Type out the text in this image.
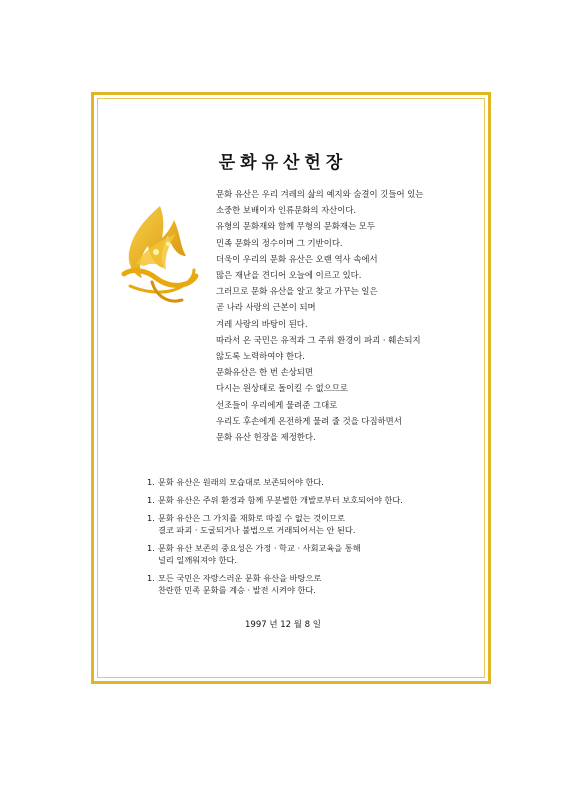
문화유산헌장
문화 유산은 우리 겨레의 삶의 예지와 숨결이 깃들어 있는
소중한 보배이자 인류문화의 자산이다.
유형의 문화재와 함께 무형의 문화재는 모두
민족 문화의 정수이며 그 기반이다.
더욱이 우리의 문화 유산은 오랜 역사 속에서
많은 재난을 견디어 오늘에 이르고 있다.
그러므로 문화 유산을 알고 찾고 가꾸는 일은
곧 나라 사랑의 근본이 되며
겨레 사랑의 바탕이 된다.
따라서 온 국민은 유적과 그 주위 환경이 파괴 · 훼손되지
않도록 노력하여야 한다.
문화유산은 한 번 손상되면
다시는 원상태로 돌이킬 수 없으므로
선조들이 우리에게 물려준 그대로
우리도 후손에게 온전하게 물려 줄 것을 다짐하면서
문화 유산 헌장을 제정한다.
1. 문화 유산은 원래의 모습대로 보존되어야 한다.
1. 문화 유산은 주위 환경과 함께 무분별한 개발로부터 보호되어야 한다.
1. 문화 유산은 그 가치를 재화로 따질 수 없는 것이므로
결코 파괴 · 도굴되거나 불법으로 거래되어서는 안 된다.
1. 문화 유산 보존의 중요성은 가정 · 학교 · 사회교육을 통해
널리 일깨워져야 한다.
1. 모든 국민은 자랑스러운 문화 유산을 바탕으로
찬란한 민족 문화를 계승 · 발전 시켜야 한다.
1997 년 12 월 8 일
